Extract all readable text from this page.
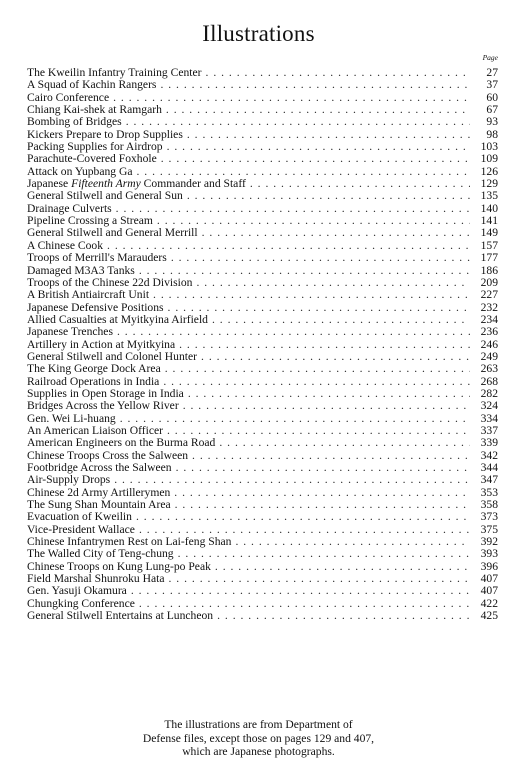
Illustrations
Page
The Kweilin Infantry Training Center . . .	27
A Squad of Kachin Rangers . . .	37
Cairo Conference . . .	60
Chiang Kai-shek at Ramgarh . . .	67
Bombing of Bridges . . .	93
Kickers Prepare to Drop Supplies . . .	98
Packing Supplies for Airdrop . . .	103
Parachute-Covered Foxhole . . .	109
Attack on Yupbang Ga . . .	126
Japanese Fifteenth Army Commander and Staff . . .	129
General Stilwell and General Sun . . .	135
Drainage Culverts . . .	140
Pipeline Crossing a Stream . . .	141
General Stilwell and General Merrill . . .	149
A Chinese Cook . . .	157
Troops of Merrill's Marauders . . .	177
Damaged M3A3 Tanks . . .	186
Troops of the Chinese 22d Division . . .	209
A British Antiaircraft Unit . . .	227
Japanese Defensive Positions . . .	232
Allied Casualties at Myitkyina Airfield . . .	234
Japanese Trenches . . .	236
Artillery in Action at Myitkyina . . .	246
General Stilwell and Colonel Hunter . . .	249
The King George Dock Area . . .	263
Railroad Operations in India . . .	268
Supplies in Open Storage in India . . .	282
Bridges Across the Yellow River . . .	324
Gen. Wei Li-huang . . .	334
An American Liaison Officer . . .	337
American Engineers on the Burma Road . . .	339
Chinese Troops Cross the Salween . . .	342
Footbridge Across the Salween . . .	344
Air-Supply Drops . . .	347
Chinese 2d Army Artillerymen . . .	353
The Sung Shan Mountain Area . . .	358
Evacuation of Kweilin . . .	373
Vice-President Wallace . . .	375
Chinese Infantrymen Rest on Lai-feng Shan . . .	392
The Walled City of Teng-chung . . .	393
Chinese Troops on Kung Lung-po Peak . . .	396
Field Marshal Shunroku Hata . . .	407
Gen. Yasuji Okamura . . .	407
Chungking Conference . . .	422
General Stilwell Entertains at Luncheon . . .	425

The illustrations are from Department of
Defense files, except those on pages 129 and 407,
which are Japanese photographs.
